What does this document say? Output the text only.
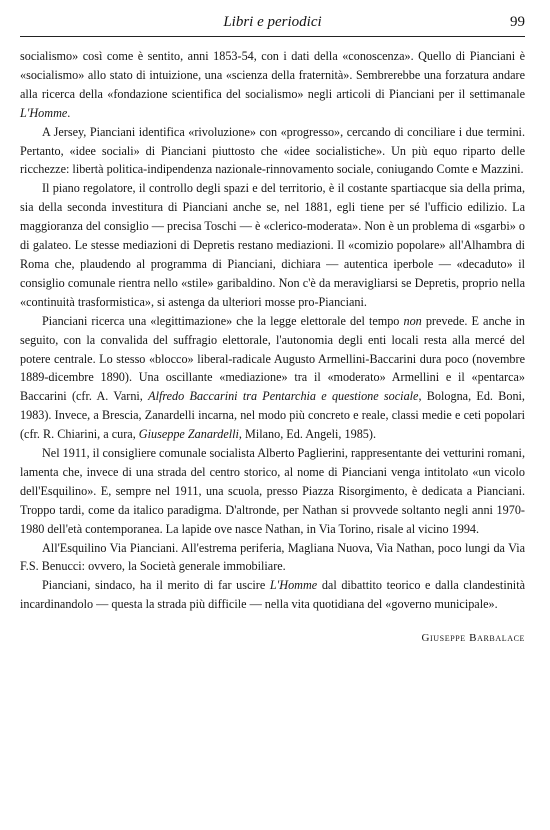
Libri e periodici	99

socialismo» così come è sentito, anni 1853-54, con i dati della «conoscenza». Quello di Pianciani è «socialismo» allo stato di intuizione, una «scienza della fraternità». Sembrerebbe una forzatura andare alla ricerca della «fondazione scientifica del socialismo» negli articoli di Pianciani per il settimanale L'Homme.

A Jersey, Pianciani identifica «rivoluzione» con «progresso», cercando di conciliare i due termini. Pertanto, «idee sociali» di Pianciani piuttosto che «idee socialistiche». Un più equo riparto delle ricchezze: libertà politica-indipendenza nazionale-rinnovamento sociale, coniugando Comte e Mazzini.

Il piano regolatore, il controllo degli spazi e del territorio, è il costante spartiacque sia della prima, sia della seconda investitura di Pianciani anche se, nel 1881, egli tiene per sé l'ufficio edilizio. La maggioranza del consiglio — precisa Toschi — è «clerico-moderata». Non è un problema di «sgarbi» o di galateo. Le stesse mediazioni di Depretis restano mediazioni. Il «comizio popolare» all'Alhambra di Roma che, plaudendo al programma di Pianciani, dichiara — autentica iperbole — «decaduto» il consiglio comunale rientra nello «stile» garibaldino. Non c'è da meravigliarsi se Depretis, proprio nella «continuità trasformistica», si astenga da ulteriori mosse pro-Pianciani.

Pianciani ricerca una «legittimazione» che la legge elettorale del tempo non prevede. E anche in seguito, con la convalida del suffragio elettorale, l'autonomia degli enti locali resta alla mercé del potere centrale. Lo stesso «blocco» liberal-radicale Augusto Armellini-Baccarini dura poco (novembre 1889-dicembre 1890). Una oscillante «mediazione» tra il «moderato» Armellini e il «pentarca» Baccarini (cfr. A. Varni, Alfredo Baccarini tra Pentarchia e questione sociale, Bologna, Ed. Boni, 1983). Invece, a Brescia, Zanardelli incarna, nel modo più concreto e reale, classi medie e ceti popolari (cfr. R. Chiarini, a cura, Giuseppe Zanardelli, Milano, Ed. Angeli, 1985).

Nel 1911, il consigliere comunale socialista Alberto Paglierini, rappresentante dei vetturini romani, lamenta che, invece di una strada del centro storico, al nome di Pianciani venga intitolato «un vicolo dell'Esquilino». E, sempre nel 1911, una scuola, presso Piazza Risorgimento, è dedicata a Pianciani. Troppo tardi, come da italico paradigma. D'altronde, per Nathan si provvede soltanto negli anni 1970-1980 dell'età contemporanea. La lapide ove nasce Nathan, in Via Torino, risale al vicino 1994.

All'Esquilino Via Pianciani. All'estrema periferia, Magliana Nuova, Via Nathan, poco lungi da Via F.S. Benucci: ovvero, la Società generale immobiliare.

Pianciani, sindaco, ha il merito di far uscire L'Homme dal dibattito teorico e dalla clandestinità incardinandolo — questa la strada più difficile — nella vita quotidiana del «governo municipale».

Giuseppe Barbalace
